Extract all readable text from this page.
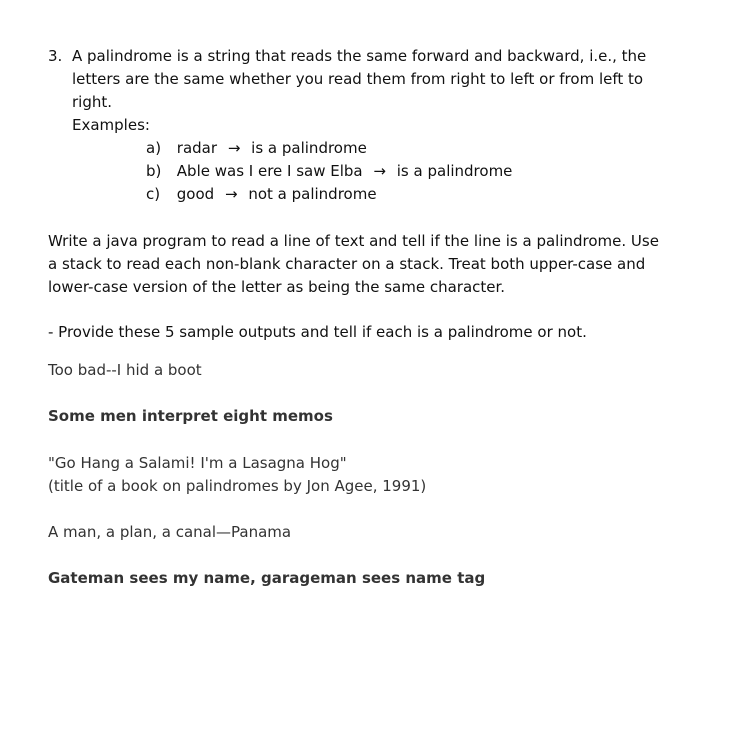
3. A palindrome is a string that reads the same forward and backward, i.e., the
letters are the same whether you read them from right to left or from left to
right.
Examples:
a) radar → is a palindrome
b) Able was I ere I saw Elba → is a palindrome
c) good → not a palindrome
Write a java program to read a line of text and tell if the line is a palindrome. Use
a stack to read each non-blank character on a stack. Treat both upper-case and
lower-case version of the letter as being the same character.
- Provide these 5 sample outputs and tell if each is a palindrome or not.
Too bad--I hid a boot
Some men interpret eight memos
"Go Hang a Salami! I'm a Lasagna Hog"
(title of a book on palindromes by Jon Agee, 1991)
A man, a plan, a canal—Panama
Gateman sees my name, garageman sees name tag
